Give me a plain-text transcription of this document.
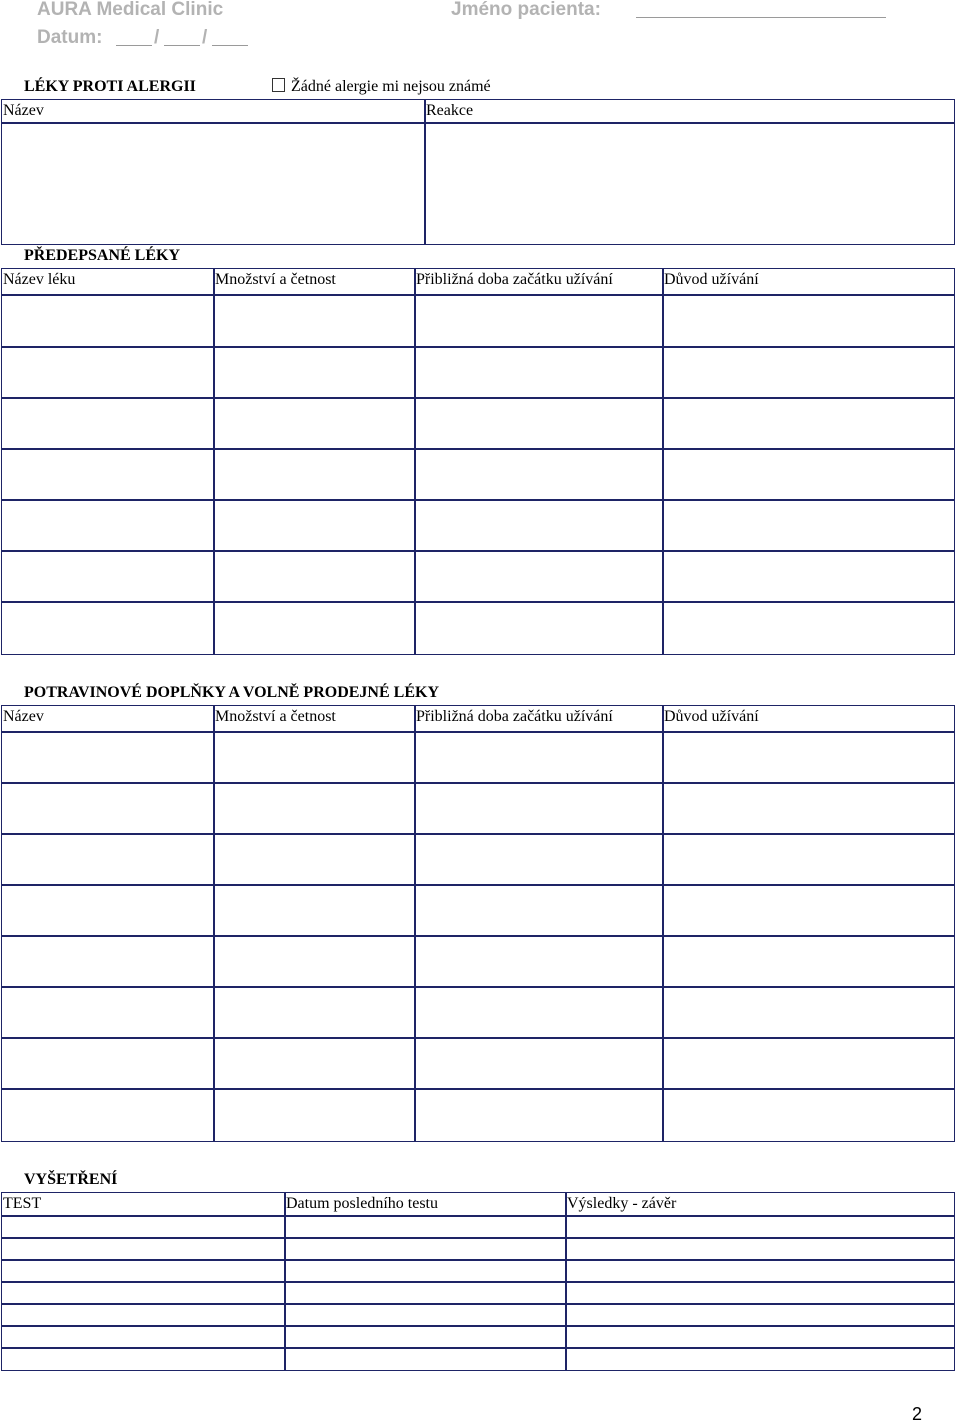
AURA Medical Clinic	Jméno pacienta:
Datum:	/ /
LÉKY PROTI ALERGII	Žádné alergie mi nejsou známé
Název	Reakce
PŘEDEPSANÉ LÉKY
Název léku	Množství a četnost	Přibližná doba začátku užívání	Důvod užívání
POTRAVINOVÉ DOPLŇKY A VOLNĚ PRODEJNÉ LÉKY
Název	Množství a četnost	Přibližná doba začátku užívání	Důvod užívání
VYŠETŘENÍ
TEST	Datum posledního testu	Výsledky - závěr
2
